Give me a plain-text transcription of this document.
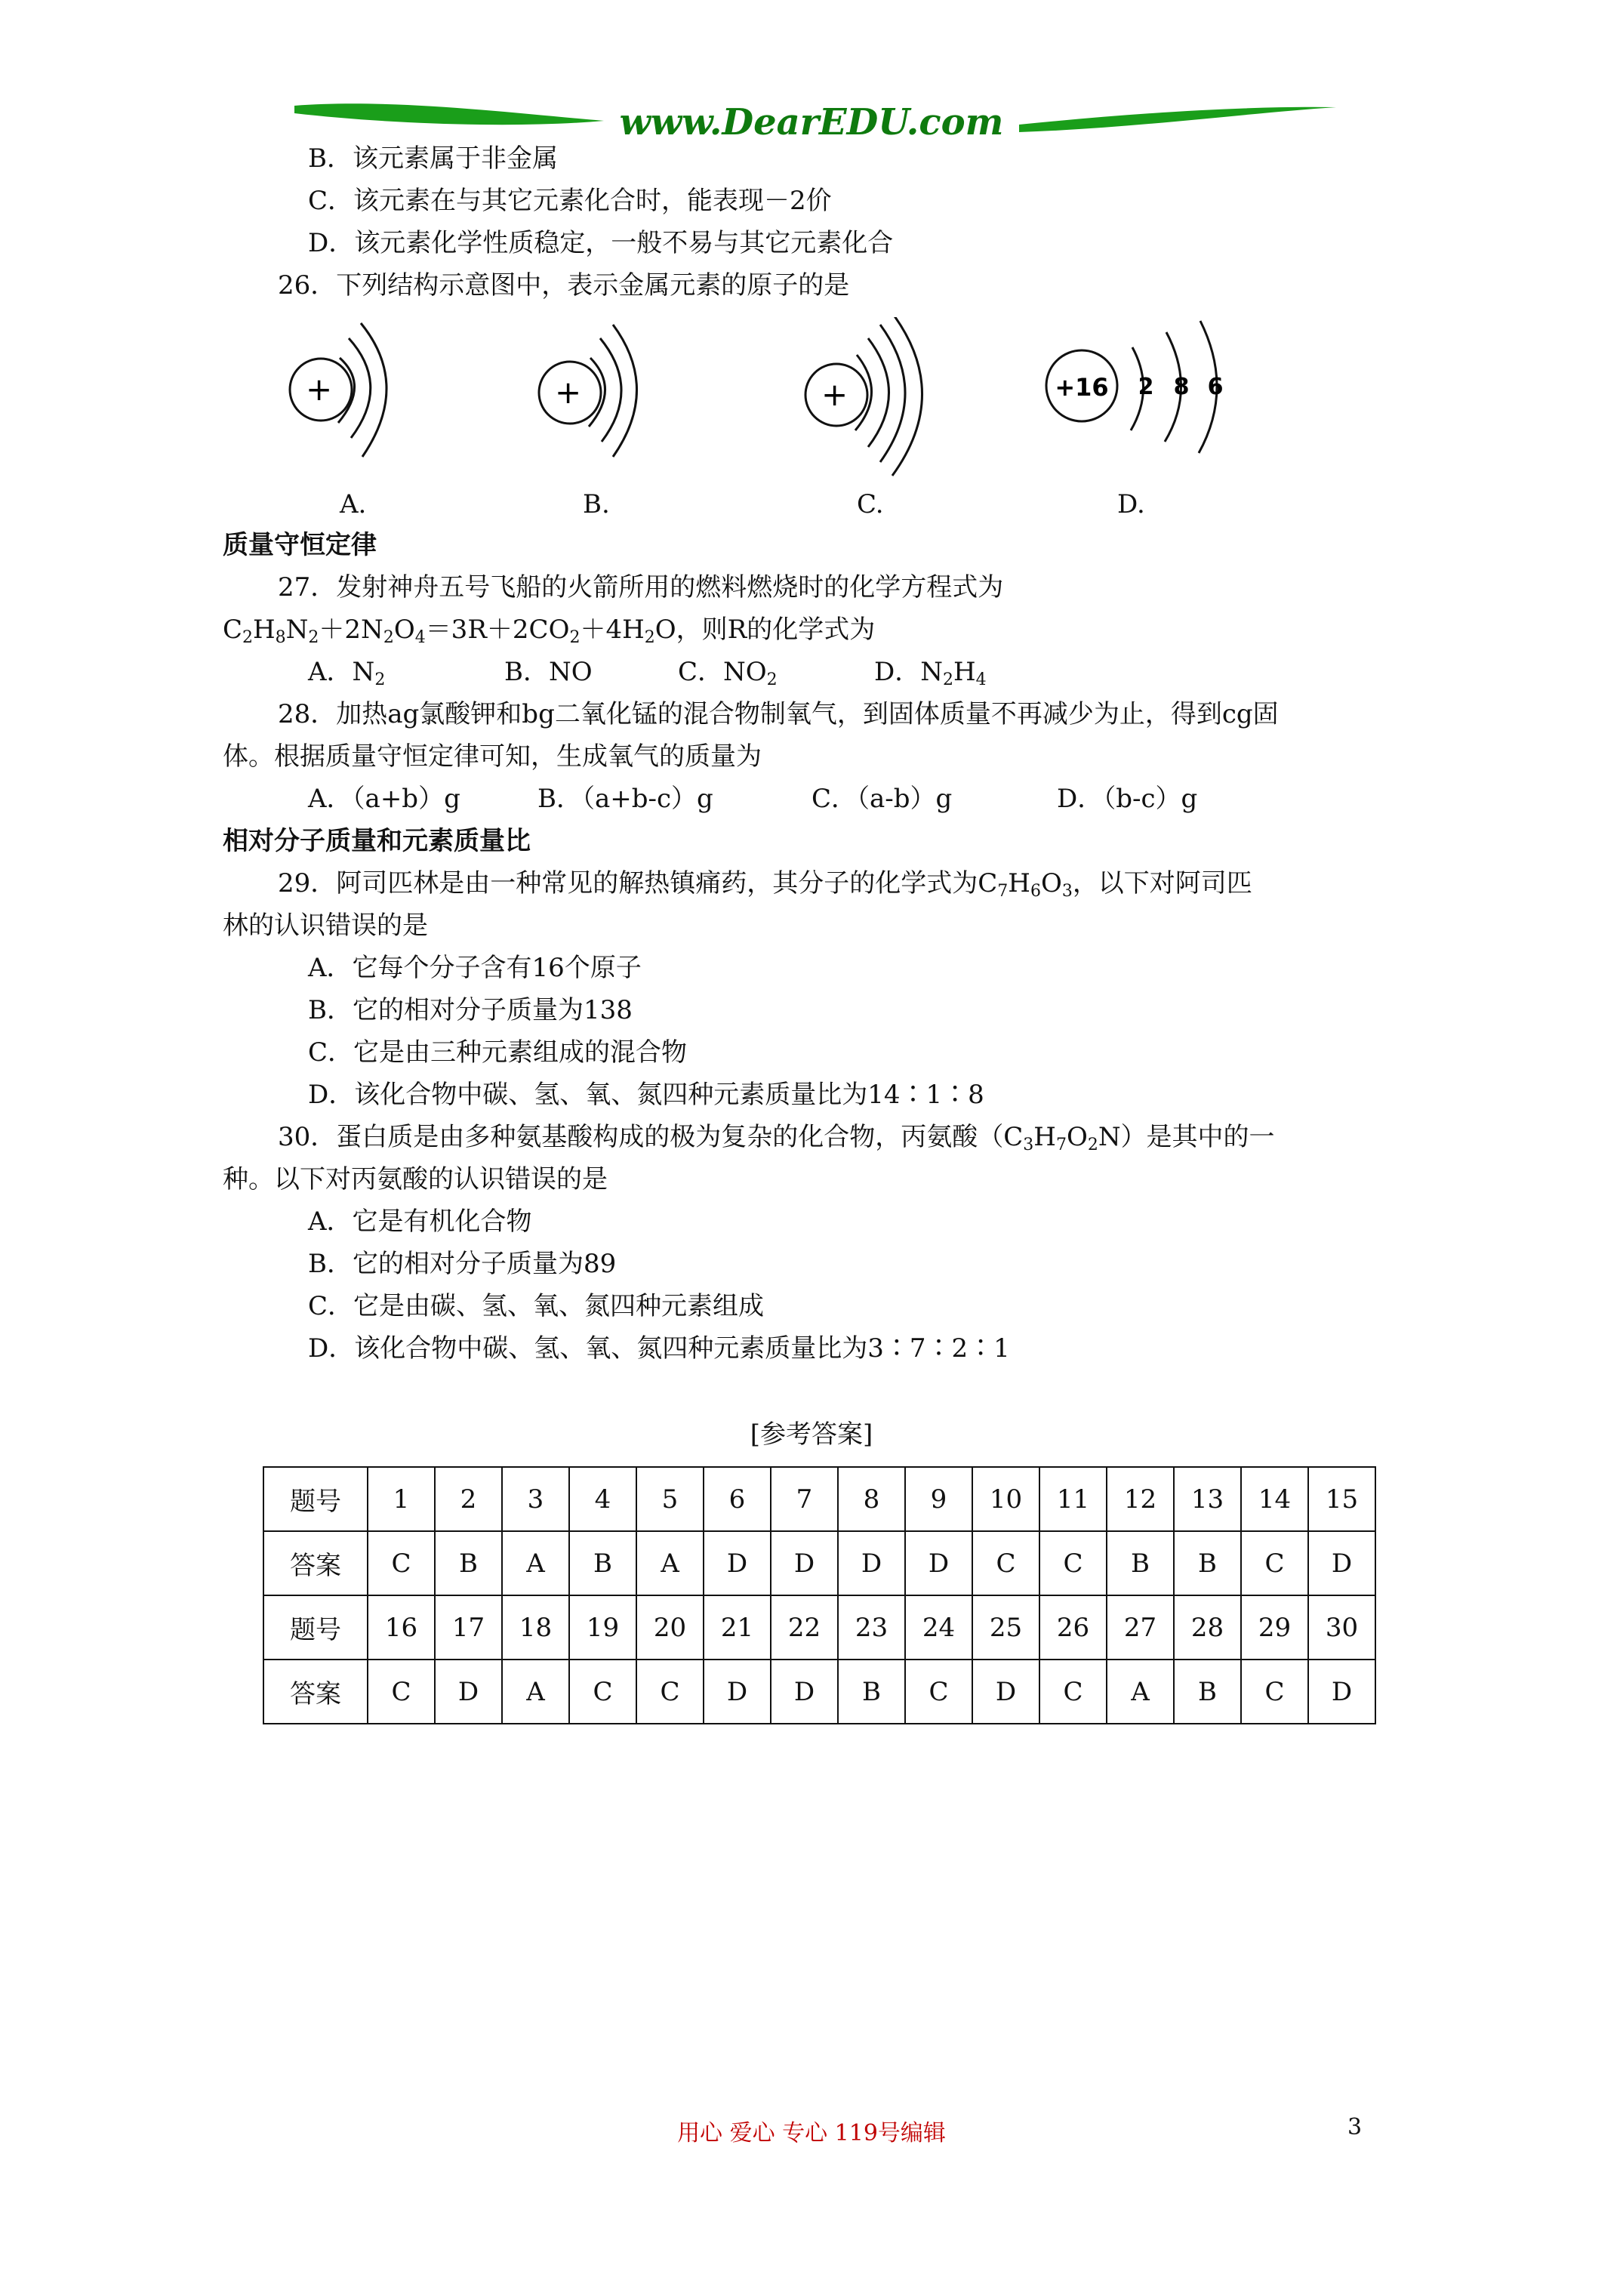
www.DearEDU.com
B．该元素属于非金属
C．该元素在与其它元素化合时，能表现－2价
D．该元素化学性质稳定，一般不易与其它元素化合
26．下列结构示意图中，表示金属元素的原子的是
+	+	+	+16 2 8 6
A.	B.	C.	D.
质量守恒定律
27．发射神舟五号飞船的火箭所用的燃料燃烧时的化学方程式为
$C_2H_8N_2+2N_2O_4=3R+2CO_2+4H_2O$，则R的化学式为
A．$N_2$	B．NO	C．$NO_2$	D．$N_2H_4$
28．加热ag氯酸钾和bg二氧化锰的混合物制氧气，到固体质量不再减少为止，得到cg固
体。根据质量守恒定律可知，生成氧气的质量为
A．（a+b）g	B．（a+b-c）g	C．（a-b）g	D．（b-c）g
相对分子质量和元素质量比
29．阿司匹林是由一种常见的解热镇痛药，其分子的化学式为$C_7H_6O_3$，以下对阿司匹
林的认识错误的是
A．它每个分子含有16个原子
B．它的相对分子质量为138
C．它是由三种元素组成的混合物
D．该化合物中碳、氢、氧、氮四种元素质量比为14∶1∶8
30．蛋白质是由多种氨基酸构成的极为复杂的化合物，丙氨酸$(C_3H_7O_2N)$是其中的一
种。以下对丙氨酸的认识错误的是
A．它是有机化合物
B．它的相对分子质量为89
C．它是由碳、氢、氧、氮四种元素组成
D．该化合物中碳、氢、氧、氮四种元素质量比为3∶7∶2∶1
[参考答案]
题号	1	2	3	4	5	6	7	8	9	10	11	12	13	14	15
答案	C	B	A	B	A	D	D	D	D	C	C	B	B	C	D
题号	16	17	18	19	20	21	22	23	24	25	26	27	28	29	30
答案	C	D	A	C	C	D	D	B	C	D	C	A	B	C	D
用心 爱心 专心 119号编辑	3
